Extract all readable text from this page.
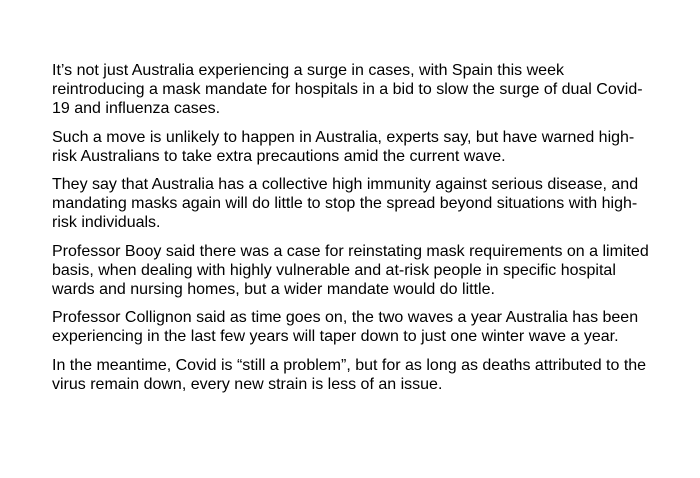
It’s not just Australia experiencing a surge in cases, with Spain this week reintroducing a mask mandate for hospitals in a bid to slow the surge of dual Covid-19 and influenza cases.

Such a move is unlikely to happen in Australia, experts say, but have warned high-risk Australians to take extra precautions amid the current wave.

They say that Australia has a collective high immunity against serious disease, and mandating masks again will do little to stop the spread beyond situations with high-risk individuals.

Professor Booy said there was a case for reinstating mask requirements on a limited basis, when dealing with highly vulnerable and at-risk people in specific hospital wards and nursing homes, but a wider mandate would do little.

Professor Collignon said as time goes on, the two waves a year Australia has been experiencing in the last few years will taper down to just one winter wave a year.

In the meantime, Covid is “still a problem”, but for as long as deaths attributed to the virus remain down, every new strain is less of an issue.
